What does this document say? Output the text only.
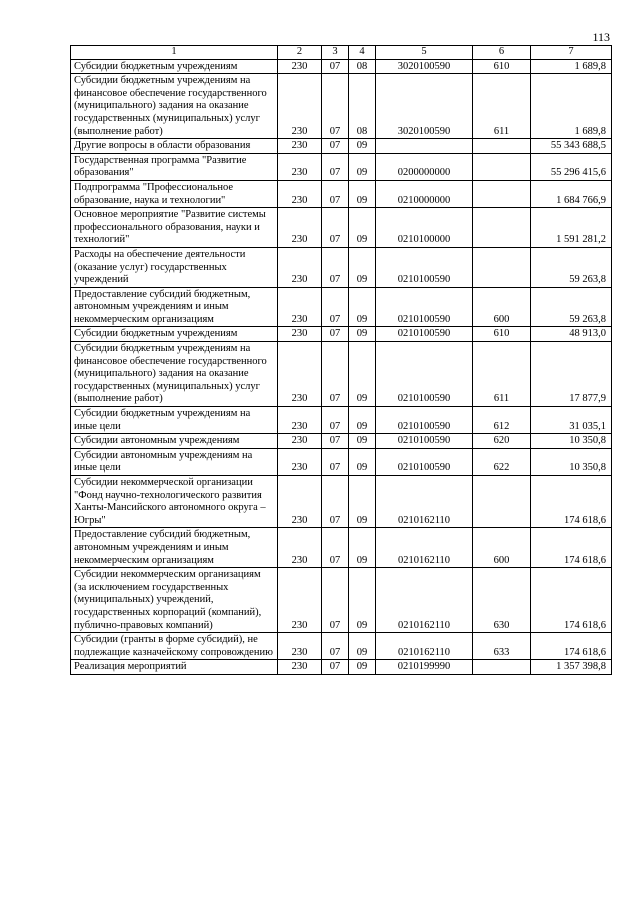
113
1	2	3	4	5	6	7
Субсидии бюджетным учреждениям	230	07	08	3020100590	610	1 689,8
Субсидии бюджетным учреждениям на финансовое обеспечение государственного (муниципального) задания на оказание государственных (муниципальных) услуг (выполнение работ)	230	07	08	3020100590	611	1 689,8
Другие вопросы в области образования	230	07	09			55 343 688,5
Государственная программа "Развитие образования"	230	07	09	0200000000		55 296 415,6
Подпрограмма "Профессиональное образование, наука и технологии"	230	07	09	0210000000		1 684 766,9
Основное мероприятие "Развитие системы профессионального образования, науки и технологий"	230	07	09	0210100000		1 591 281,2
Расходы на обеспечение деятельности (оказание услуг) государственных учреждений	230	07	09	0210100590		59 263,8
Предоставление субсидий бюджетным, автономным учреждениям и иным некоммерческим организациям	230	07	09	0210100590	600	59 263,8
Субсидии бюджетным учреждениям	230	07	09	0210100590	610	48 913,0
Субсидии бюджетным учреждениям на финансовое обеспечение государственного (муниципального) задания на оказание государственных (муниципальных) услуг (выполнение работ)	230	07	09	0210100590	611	17 877,9
Субсидии бюджетным учреждениям на иные цели	230	07	09	0210100590	612	31 035,1
Субсидии автономным учреждениям	230	07	09	0210100590	620	10 350,8
Субсидии автономным учреждениям на иные цели	230	07	09	0210100590	622	10 350,8
Субсидии некоммерческой организации "Фонд научно-технологического развития Ханты-Мансийского автономного округа – Югры"	230	07	09	0210162110		174 618,6
Предоставление субсидий бюджетным, автономным учреждениям и иным некоммерческим организациям	230	07	09	0210162110	600	174 618,6
Субсидии некоммерческим организациям (за исключением государственных (муниципальных) учреждений, государственных корпораций (компаний), публично-правовых компаний)	230	07	09	0210162110	630	174 618,6
Субсидии (гранты в форме субсидий), не подлежащие казначейскому сопровождению	230	07	09	0210162110	633	174 618,6
Реализация мероприятий	230	07	09	0210199990		1 357 398,8
